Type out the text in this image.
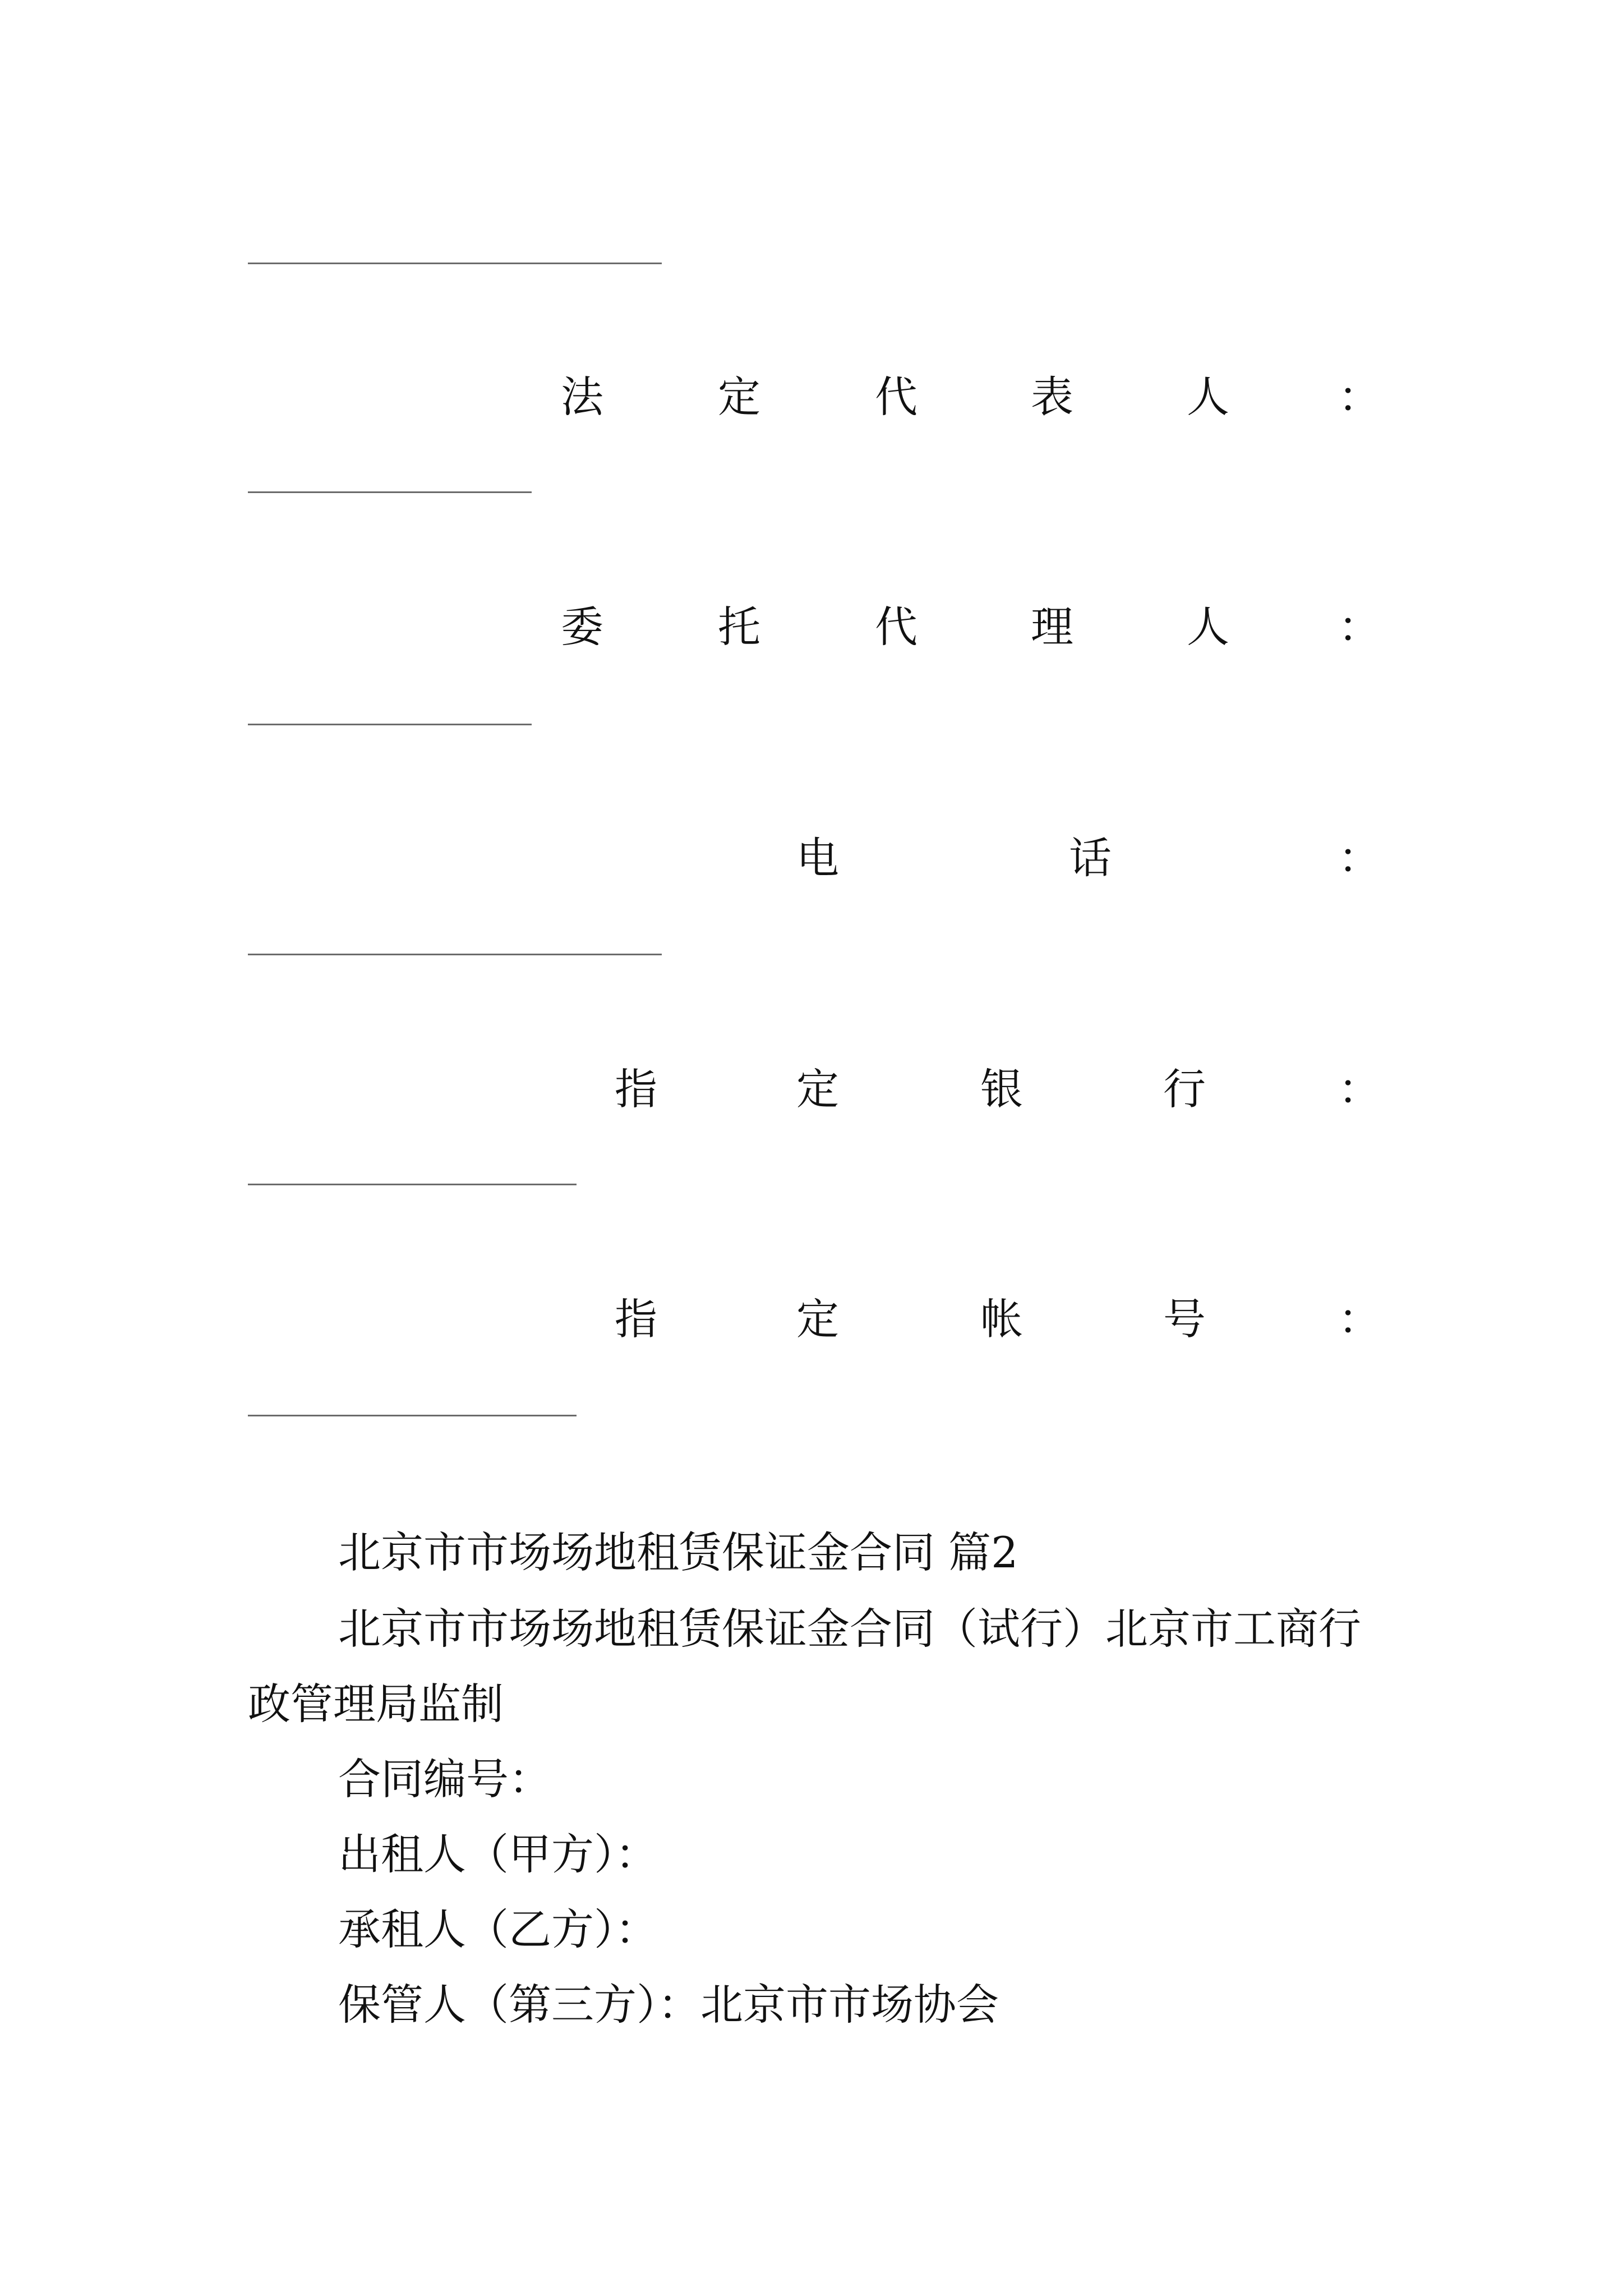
法	定	代	表	人	：
委	托	代	理	人	：
电	话	：
指	定	银	行	：
指	定	帐	号	：
北京市市场场地租赁保证金合同 篇2
北京市市场场地租赁保证金合同（试行）北京市工商行
政管理局监制
合同编号：
出租人（甲方）：
承租人（乙方）：
保管人（第三方）：北京市市场协会
